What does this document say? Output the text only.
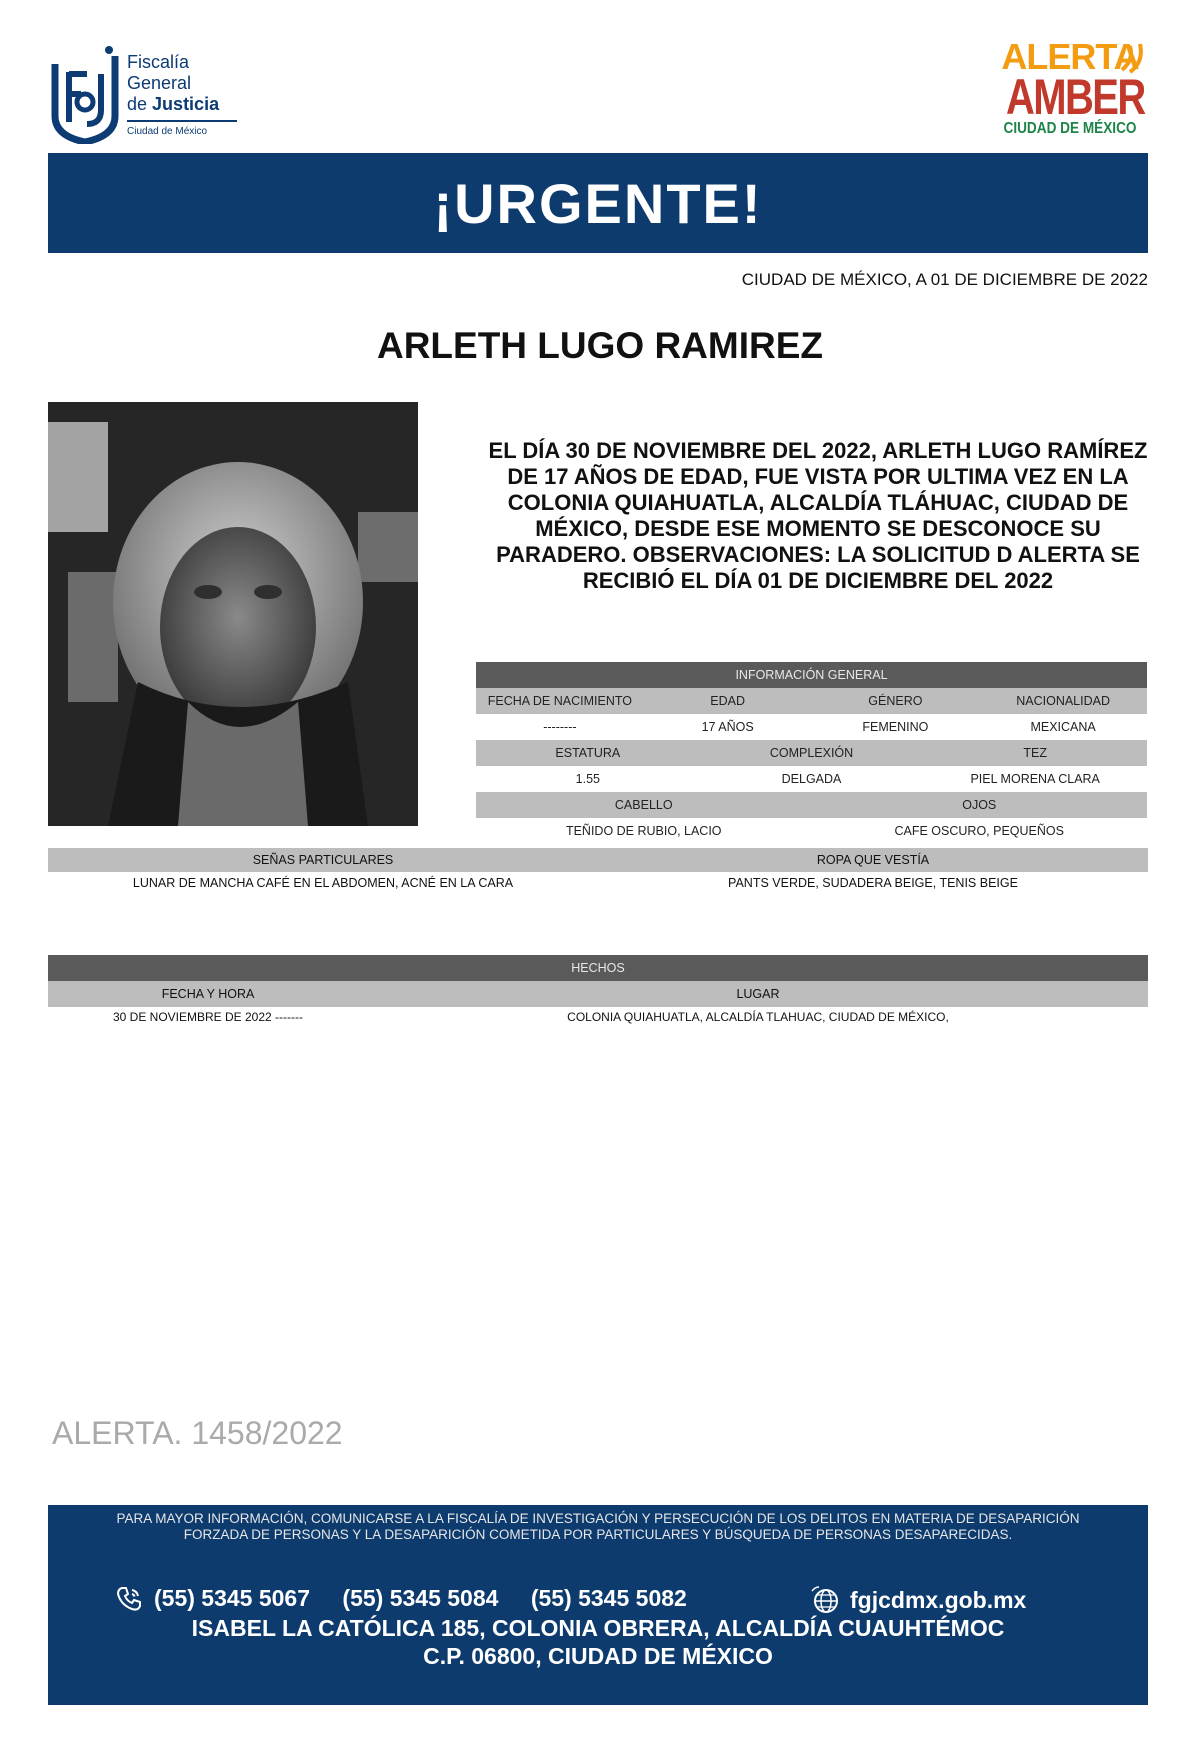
Fiscalía
General
de Justicia
Ciudad de México
ALERTA
AMBER
CIUDAD DE MÉXICO
¡URGENTE!
CIUDAD DE MÉXICO, A 01 DE DICIEMBRE DE 2022
ARLETH LUGO RAMIREZ
EL DÍA 30 DE NOVIEMBRE DEL 2022, ARLETH LUGO RAMÍREZ DE 17 AÑOS DE EDAD, FUE VISTA POR ULTIMA VEZ EN LA COLONIA QUIAHUATLA, ALCALDÍA TLÁHUAC, CIUDAD DE MÉXICO, DESDE ESE MOMENTO SE DESCONOCE SU PARADERO. OBSERVACIONES: LA SOLICITUD D ALERTA SE RECIBIÓ EL DÍA 01 DE DICIEMBRE DEL 2022
INFORMACIÓN GENERAL
FECHA DE NACIMIENTO	EDAD	GÉNERO	NACIONALIDAD
--------	17 AÑOS	FEMENINO	MEXICANA
ESTATURA	COMPLEXIÓN	TEZ
1.55	DELGADA	PIEL MORENA CLARA
CABELLO	OJOS
TEÑIDO DE RUBIO, LACIO	CAFE OSCURO, PEQUEÑOS
SEÑAS PARTICULARES	ROPA QUE VESTÍA
LUNAR DE MANCHA CAFÉ EN EL ABDOMEN, ACNÉ EN LA CARA	PANTS VERDE, SUDADERA BEIGE, TENIS BEIGE
HECHOS
FECHA Y HORA	LUGAR
30 DE NOVIEMBRE DE 2022 -------	COLONIA QUIAHUATLA, ALCALDÍA TLAHUAC, CIUDAD DE MÉXICO,
ALERTA. 1458/2022
PARA MAYOR INFORMACIÓN, COMUNICARSE A LA FISCALÍA DE INVESTIGACIÓN Y PERSECUCIÓN DE LOS DELITOS EN MATERIA DE DESAPARICIÓN
FORZADA DE PERSONAS Y LA DESAPARICIÓN COMETIDA POR PARTICULARES Y BÚSQUEDA DE PERSONAS DESAPARECIDAS.
(55) 5345 5067 (55) 5345 5084 (55) 5345 5082	fgjcdmx.gob.mx
ISABEL LA CATÓLICA 185, COLONIA OBRERA, ALCALDÍA CUAUHTÉMOC
C.P. 06800, CIUDAD DE MÉXICO
